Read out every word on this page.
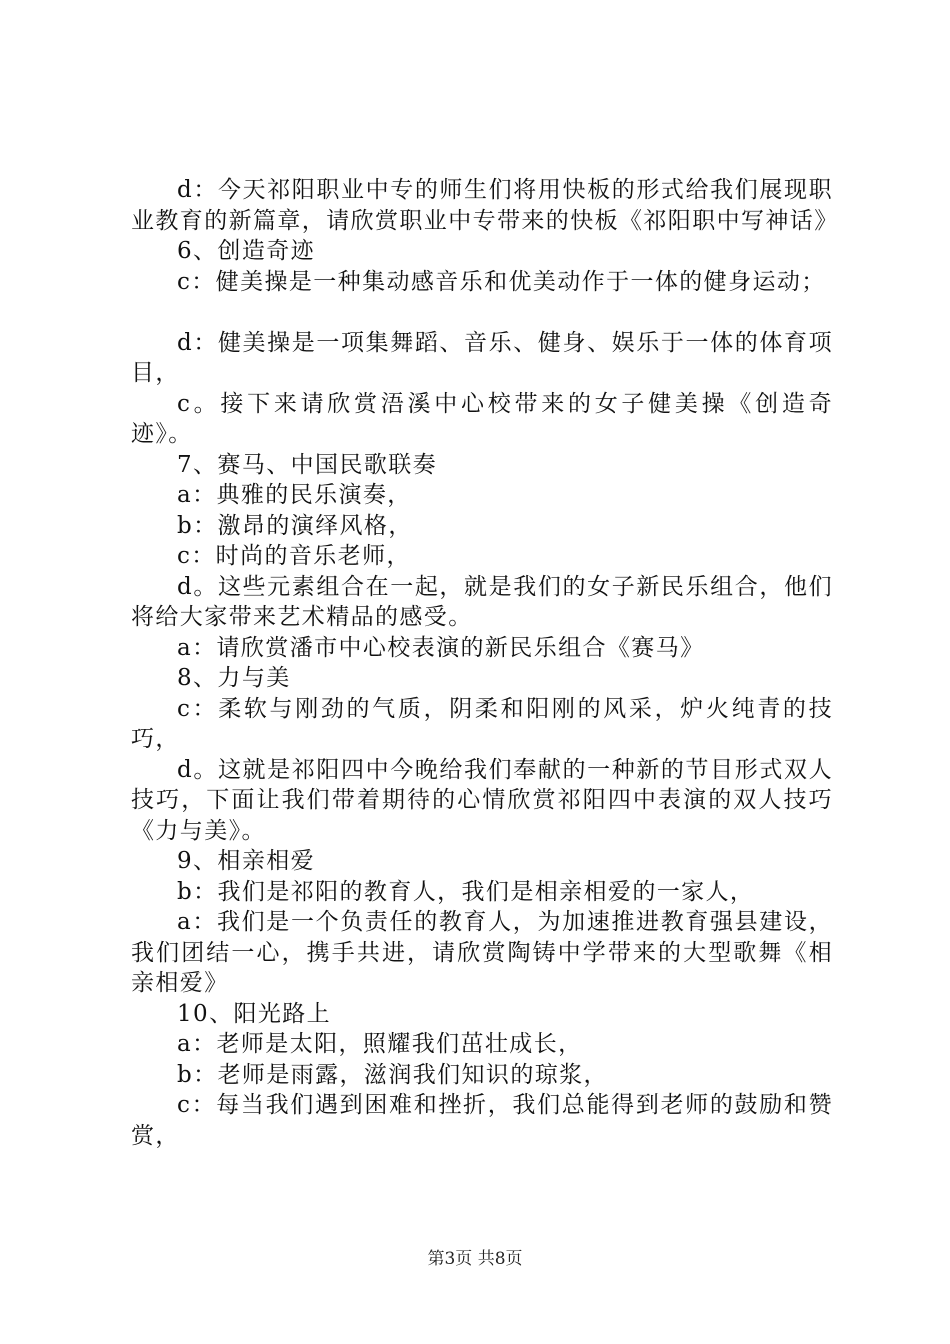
d：今天祁阳职业中专的师生们将用快板的形式给我们展现职业教育的新篇章，请欣赏职业中专带来的快板《祁阳职中写神话》

6、创造奇迹

c：健美操是一种集动感音乐和优美动作于一体的健身运动；

d：健美操是一项集舞蹈、音乐、健身、娱乐于一体的体育项目，

c。接下来请欣赏浯溪中心校带来的女子健美操《创造奇迹》。

7、赛马、中国民歌联奏

a：典雅的民乐演奏，

b：激昂的演绎风格，

c：时尚的音乐老师，

d。这些元素组合在一起，就是我们的女子新民乐组合，他们将给大家带来艺术精品的感受。

a：请欣赏潘市中心校表演的新民乐组合《赛马》

8、力与美

c：柔软与刚劲的气质，阴柔和阳刚的风采，炉火纯青的技巧，

d。这就是祁阳四中今晚给我们奉献的一种新的节目形式双人技巧，下面让我们带着期待的心情欣赏祁阳四中表演的双人技巧《力与美》。

9、相亲相爱

b：我们是祁阳的教育人，我们是相亲相爱的一家人，

a：我们是一个负责任的教育人，为加速推进教育强县建设，我们团结一心，携手共进，请欣赏陶铸中学带来的大型歌舞《相亲相爱》

10、阳光路上

a：老师是太阳，照耀我们茁壮成长，

b：老师是雨露，滋润我们知识的琼浆，

c：每当我们遇到困难和挫折，我们总能得到老师的鼓励和赞赏，

第3页 共8页
